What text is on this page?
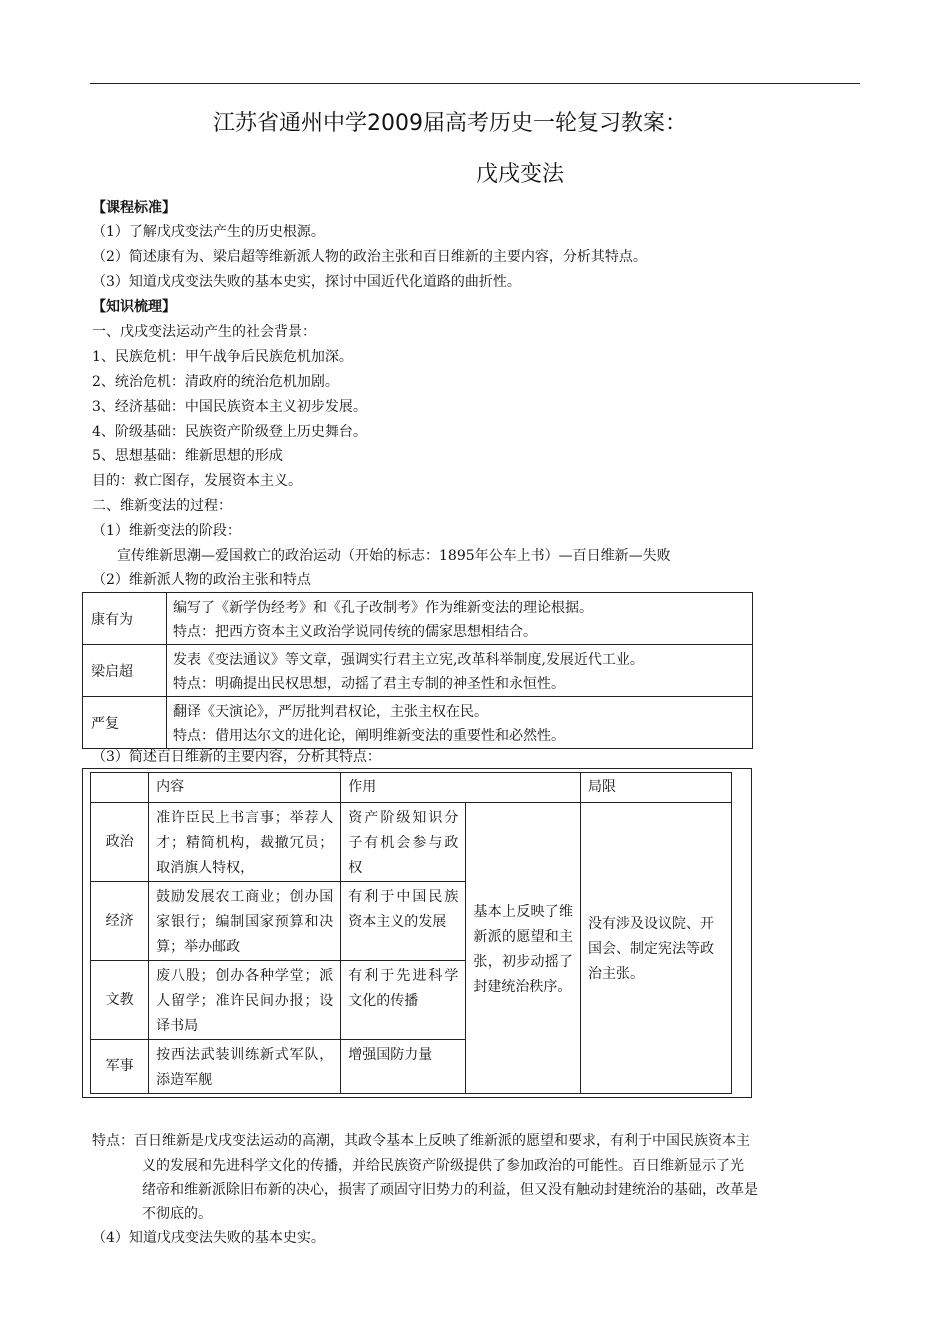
江苏省通州中学2009届高考历史一轮复习教案：
戊戌变法
【课程标准】
（1）了解戊戌变法产生的历史根源。
（2）简述康有为、梁启超等维新派人物的政治主张和百日维新的主要内容，分析其特点。
（3）知道戊戌变法失败的基本史实，探讨中国近代化道路的曲折性。
【知识梳理】
一、戊戌变法运动产生的社会背景：
1、民族危机：甲午战争后民族危机加深。
2、统治危机：清政府的统治危机加剧。
3、经济基础：中国民族资本主义初步发展。
4、阶级基础：民族资产阶级登上历史舞台。
5、思想基础：维新思想的形成
目的：救亡图存，发展资本主义。
二、维新变法的过程：
（1）维新变法的阶段：
宣传维新思潮—爱国救亡的政治运动（开始的标志：1895年公车上书）—百日维新—失败
（2）维新派人物的政治主张和特点
康有为	编写了《新学伪经考》和《孔子改制考》作为维新变法的理论根据。
特点：把西方资本主义政治学说同传统的儒家思想相结合。

梁启超	发表《变法通议》等文章，强调实行君主立宪,改革科举制度,发展近代工业。
特点：明确提出民权思想，动摇了君主专制的神圣性和永恒性。

严复	翻译《天演论》，严厉批判君权论，主张主权在民。
特点：借用达尔文的进化论，阐明维新变法的重要性和必然性。
（3）简述百日维新的主要内容，分析其特点：
	内容	作用		局限
政治	准许臣民上书言事；举荐人才；精简机构，裁撤冗员；取消旗人特权，	资产阶级知识分子有机会参与政权	基本上反映了维新派的愿望和主张，初步动摇了封建统治秩序。	没有涉及设议院、开国会、制定宪法等政治主张。
经济	鼓励发展农工商业；创办国家银行；编制国家预算和决算；举办邮政	有利于中国民族资本主义的发展		
文教	废八股；创办各种学堂；派人留学；准许民间办报；设译书局	有利于先进科学文化的传播		
军事	按西法武装训练新式军队，添造军舰	增强国防力量		
特点：百日维新是戊戌变法运动的高潮，其政令基本上反映了维新派的愿望和要求，有利于中国民族资本主
义的发展和先进科学文化的传播，并给民族资产阶级提供了参加政治的可能性。百日维新显示了光
绪帝和维新派除旧布新的决心，损害了顽固守旧势力的利益，但又没有触动封建统治的基础，改革是
不彻底的。
（4）知道戊戌变法失败的基本史实。
